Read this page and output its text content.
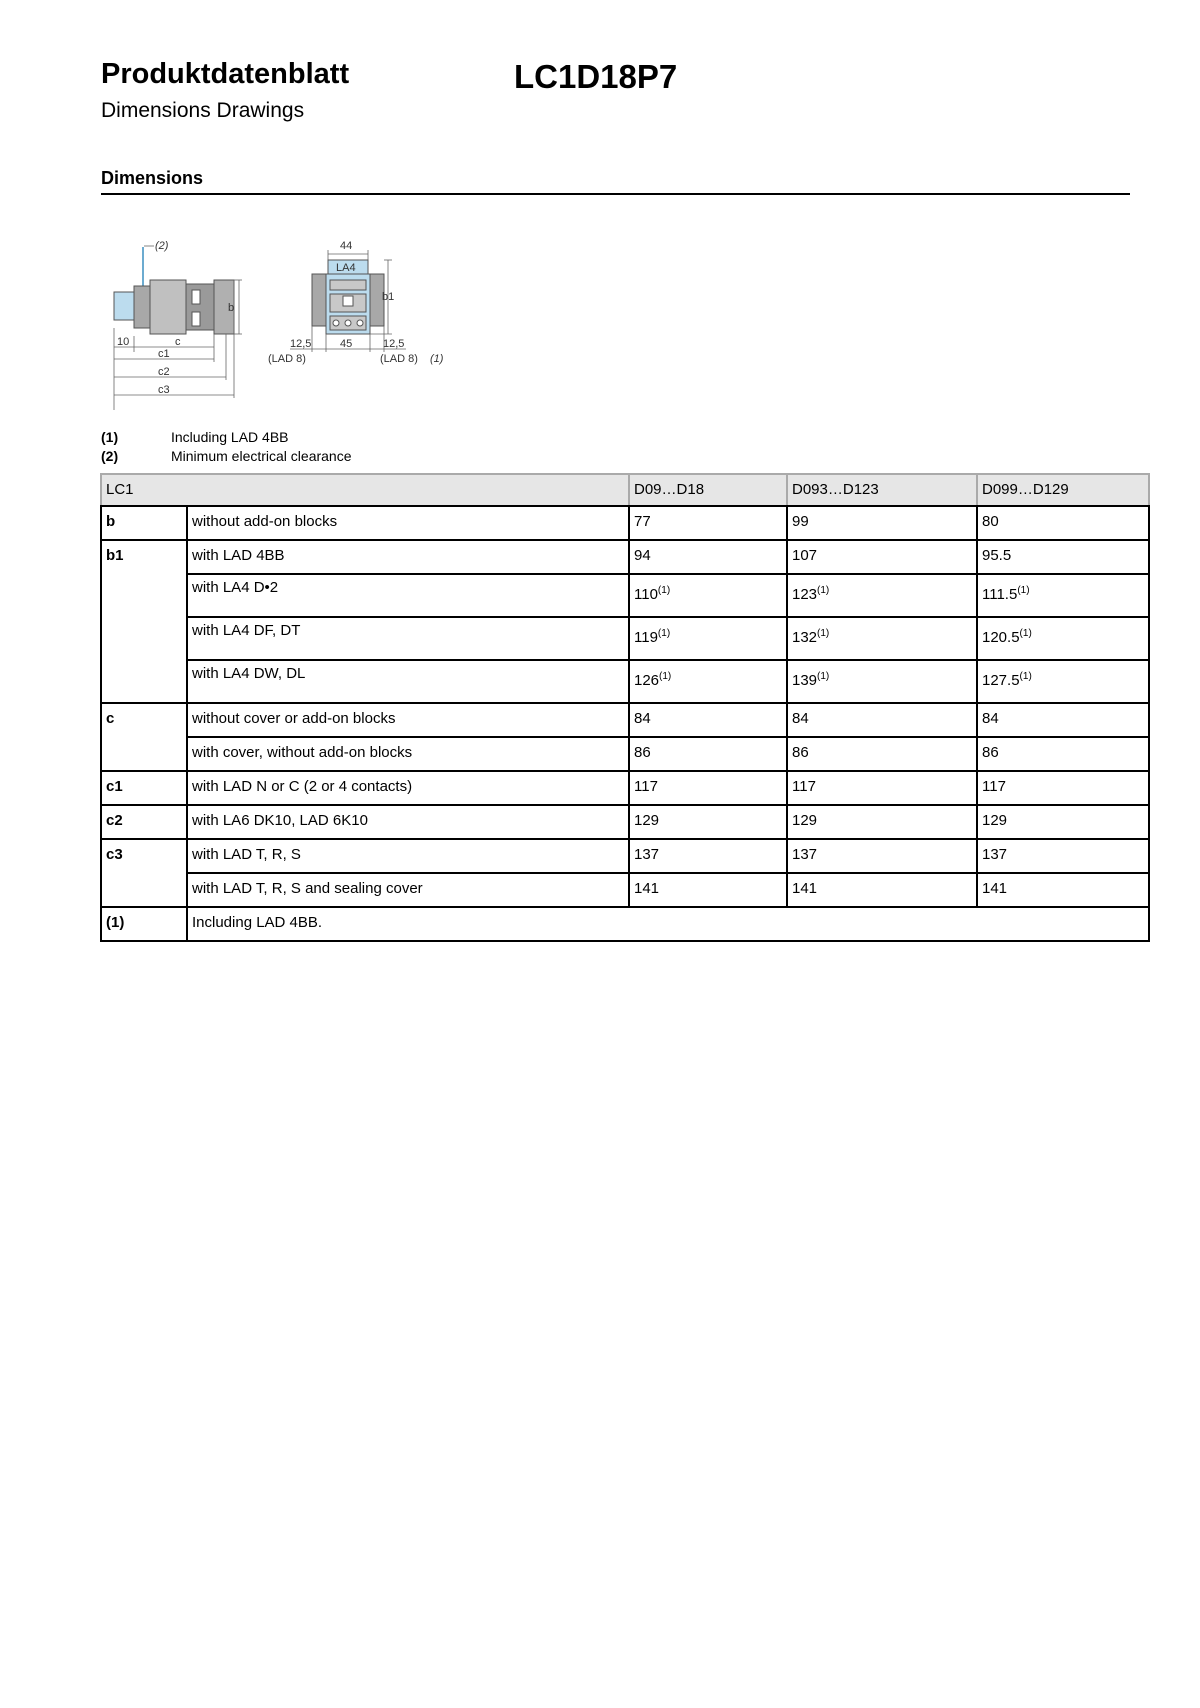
Produktdatenblatt
Dimensions Drawings
LC1D18P7
Dimensions
(2)
b
10	c
c1
c2
c3
44
LA4
b1
12,5	45	12,5
(LAD 8)	(LAD 8) (1)
(1)	Including LAD 4BB
(2)	Minimum electrical clearance
LC1		D09…D18	D093…D123	D099…D129
b	without add-on blocks	77	99	80
b1	with LAD 4BB	94	107	95.5
	with LA4 D•2	110$^{(1)}$	123$^{(1)}$	111.5$^{(1)}$
	with LA4 DF, DT	119$^{(1)}$	132$^{(1)}$	120.5$^{(1)}$
	with LA4 DW, DL	126$^{(1)}$	139$^{(1)}$	127.5$^{(1)}$
c	without cover or add-on blocks	84	84	84
	with cover, without add-on blocks	86	86	86
c1	with LAD N or C (2 or 4 contacts)	117	117	117
c2	with LA6 DK10, LAD 6K10	129	129	129
c3	with LAD T, R, S	137	137	137
	with LAD T, R, S and sealing cover	141	141	141
(1)	Including LAD 4BB.			
